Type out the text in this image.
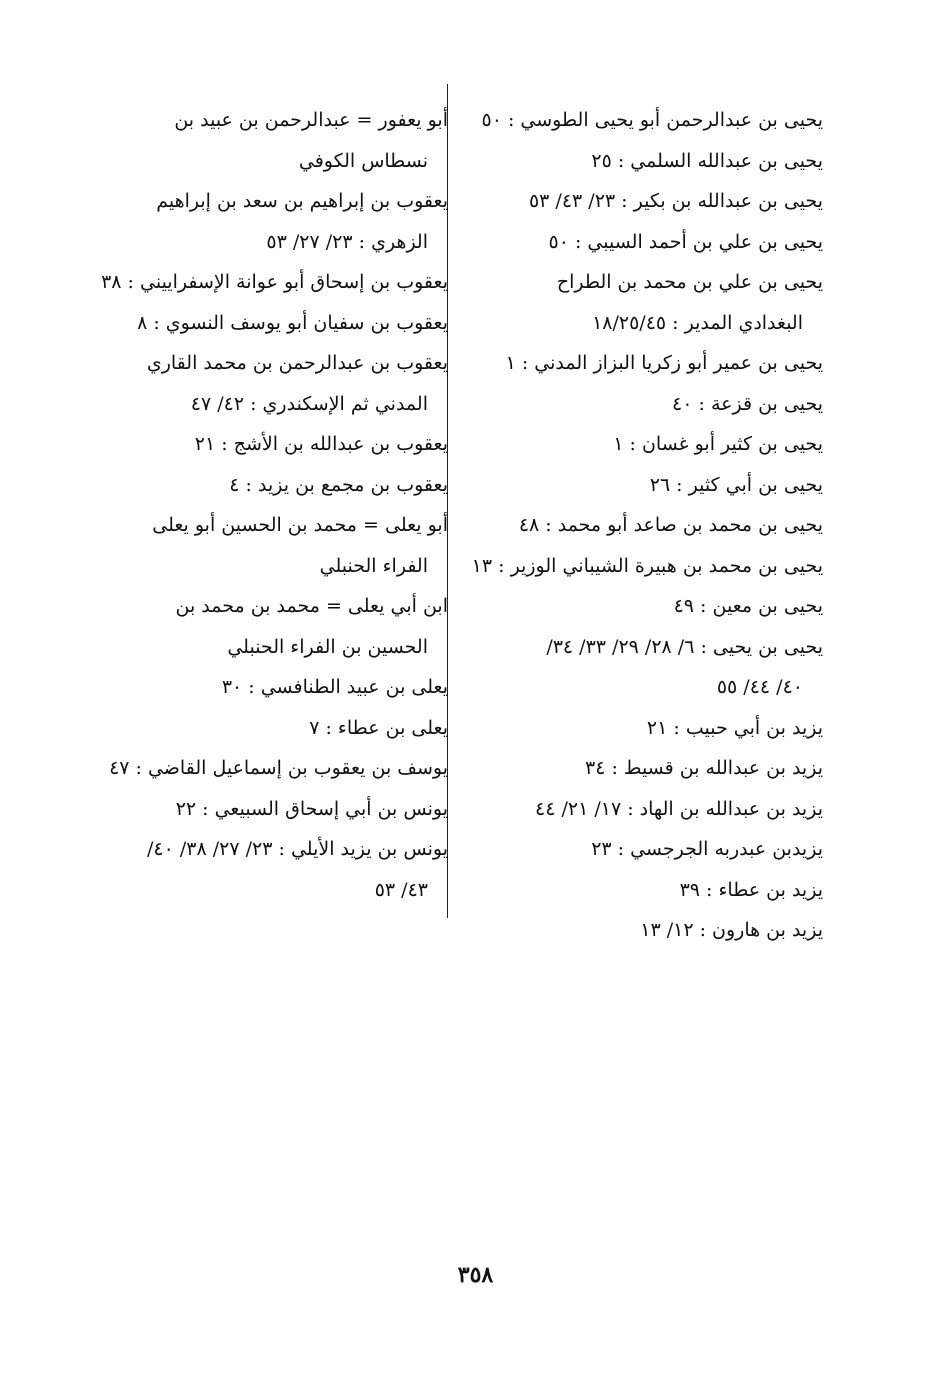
يحيى بن عبدالرحمن أبو يحيى الطوسي : ٥٠

يحيى بن عبدالله السلمي : ٢٥

يحيى بن عبدالله بن بكير : ٢٣/ ٤٣/ ٥٣

يحيى بن علي بن أحمد السيبي : ٥٠

يحيى بن علي بن محمد بن الطراح
البغدادي المدير : ١٨/٢٥/٤٥

يحيى بن عمير أبو زكريا البزاز المدني : ١

يحيى بن قزعة : ٤٠

يحيى بن كثير أبو غسان : ١

يحيى بن أبي كثير : ٢٦

يحيى بن محمد بن صاعد أبو محمد : ٤٨

يحيى بن محمد بن هبيرة الشيباني الوزير : ١٣

يحيى بن معين : ٤٩

يحيى بن يحيى : ٦/ ٢٨/ ٢٩/ ٣٣/ ٣٤/
٤٠/ ٤٤/ ٥٥

يزيد بن أبي حبيب : ٢١

يزيد بن عبدالله بن قسيط : ٣٤

يزيد بن عبدالله بن الهاد : ١٧/ ٢١/ ٤٤

يزيدبن عبدربه الجرجسي : ٢٣

يزيد بن عطاء : ٣٩

يزيد بن هارون : ١٢/ ١٣

أبو يعفور = عبدالرحمن بن عبيد بن
نسطاس الكوفي

يعقوب بن إبراهيم بن سعد بن إبراهيم
الزهري : ٢٣/ ٢٧/ ٥٣

يعقوب بن إسحاق أبو عوانة الإسفراييني : ٣٨

يعقوب بن سفيان أبو يوسف النسوي : ٨

يعقوب بن عبدالرحمن بن محمد القاري
المدني ثم الإسكندري : ٤٢/ ٤٧

يعقوب بن عبدالله بن الأشج : ٢١

يعقوب بن مجمع بن يزيد : ٤

أبو يعلى = محمد بن الحسين أبو يعلى
الفراء الحنبلي

ابن أبي يعلى = محمد بن محمد بن
الحسين بن الفراء الحنبلي

يعلى بن عبيد الطنافسي : ٣٠

يعلى بن عطاء : ٧

يوسف بن يعقوب بن إسماعيل القاضي : ٤٧

يونس بن أبي إسحاق السبيعي : ٢٢

يونس بن يزيد الأيلي : ٢٣/ ٢٧/ ٣٨/ ٤٠/
٤٣/ ٥٣

٣٥٨
